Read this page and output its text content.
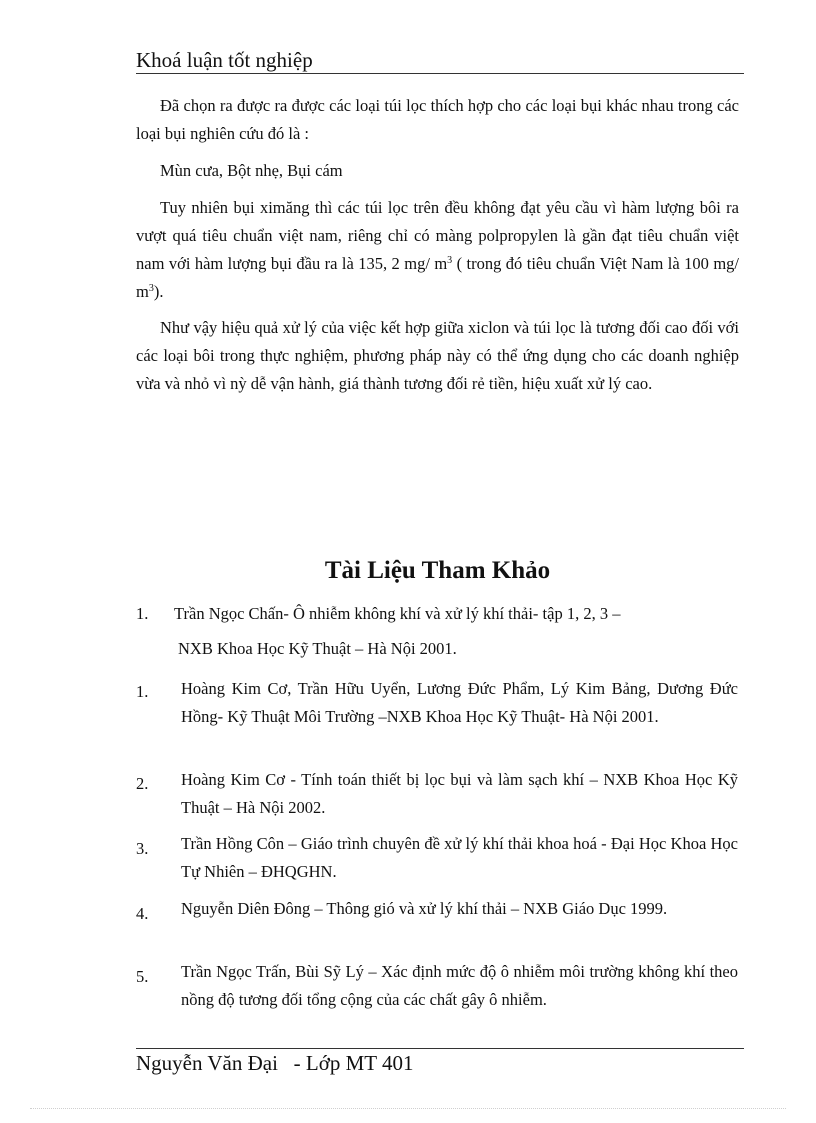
Khoá luận tốt nghiệp

Đã chọn ra được ra được các loại túi lọc thích hợp cho các loại bụi khác nhau trong các loại bụi nghiên cứu đó là :

Mùn cưa, Bột nhẹ, Bụi cám

Tuy nhiên bụi ximăng thì các túi lọc trên đều không đạt yêu cầu vì hàm lượng bôi ra vượt quá tiêu chuẩn việt nam, riêng chỉ có màng polpropylen là gần đạt tiêu chuẩn việt nam với hàm lượng bụi đầu ra là 135, 2 mg/ $m^3$ ( trong đó tiêu chuẩn Việt Nam là 100 mg/ $m^3$).

Như vậy hiệu quả xử lý của việc kết hợp giữa xiclon và túi lọc là tương đối cao đối với các loại bôi trong thực nghiệm, phương pháp này có thể ứng dụng cho các doanh nghiệp vừa và nhỏ vì nỳ dễ vận hành, giá thành tương đối rẻ tiền, hiệu xuất xử lý cao.

Tài Liệu Tham Khảo
1. Trần Ngọc Chấn- Ô nhiễm không khí và xử lý khí thải- tập 1, 2, 3 –
NXB Khoa Học Kỹ Thuật – Hà Nội 2001.
1. Hoàng Kim Cơ, Trần Hữu Uyển, Lương Đức Phẩm, Lý Kim Bảng, Dương Đức Hồng- Kỹ Thuật Môi Trường –NXB Khoa Học Kỹ Thuật- Hà Nội 2001.

2. Hoàng Kim Cơ - Tính toán thiết bị lọc bụi và làm sạch khí – NXB Khoa Học Kỹ Thuật – Hà Nội 2002.

3. Trần Hồng Côn – Giáo trình chuyên đề xử lý khí thải khoa hoá - Đại Học Khoa Học Tự Nhiên – ĐHQGHN.

4. Nguyễn Diên Đông – Thông gió và xử lý khí thải – NXB Giáo Dục 1999.

5. Trần Ngọc Trấn, Bùi Sỹ Lý – Xác định mức độ ô nhiễm môi trường không khí theo nồng độ tương đối tổng cộng của các chất gây ô nhiễm.

Nguyễn Văn Đại   - Lớp MT 401
